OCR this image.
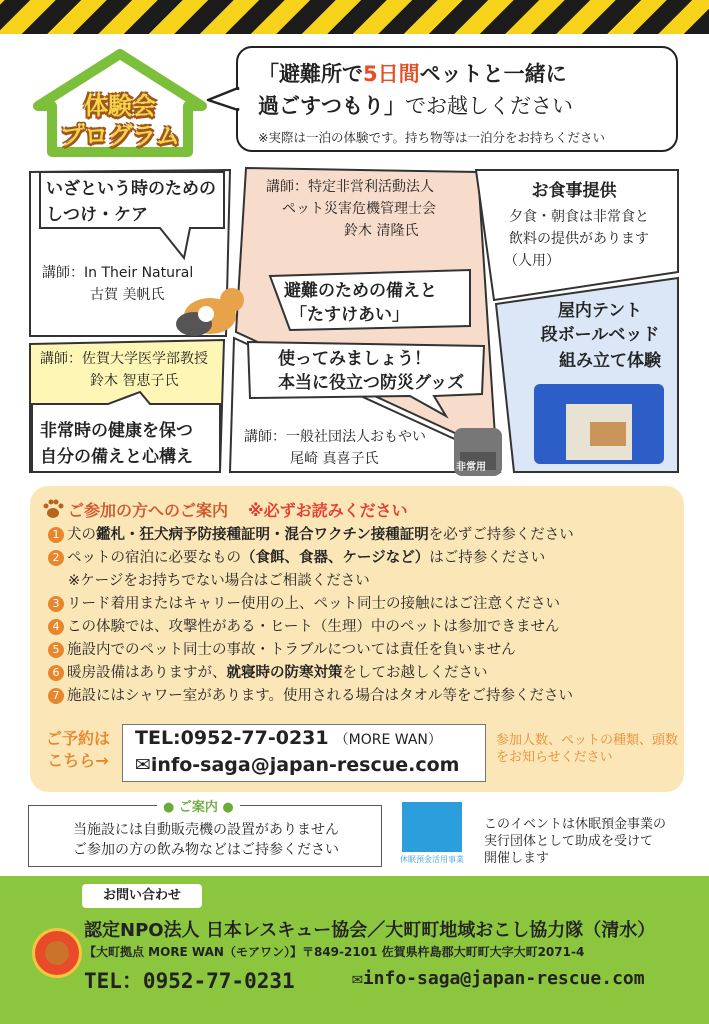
体験会
プログラム
「避難所で5日間ペットと一緒に
過ごすつもり」でお越しください
※実際は一泊の体験です。持ち物等は一泊分をお持ちください
いざという時のための
しつけ・ケア
講師：In Their Natural
古賀 美帆氏
講師：特定非営利活動法人
ペット災害危機管理士会
鈴木 清隆氏
避難のための備えと
「たすけあい」
お食事提供
夕食・朝食は非常食と
飲料の提供があります
（人用）
屋内テント
段ボールベッド
組み立て体験
講師：佐賀大学医学部教授
鈴木 智恵子氏
非常時の健康を保つ
自分の備えと心構え
使ってみましょう！
本当に役立つ防災グッズ
講師：一般社団法人おもやい
尾崎 真喜子氏
非常用
ご参加の方へのご案内 ※必ずお読みください
1 犬の鑑札・狂犬病予防接種証明・混合ワクチン接種証明を必ずご持参ください
2 ペットの宿泊に必要なもの（食餌、食器、ケージなど）はご持参ください
※ケージをお持ちでない場合はご相談ください
3 リード着用またはキャリー使用の上、ペット同士の接触にはご注意ください
4 この体験では、攻撃性がある・ヒート（生理）中のペットは参加できません
5 施設内でのペット同士の事故・トラブルについては責任を負いません
6 暖房設備はありますが、就寝時の防寒対策をしてお越しください
7 施設にはシャワー室があります。使用される場合はタオル等をご持参ください
ご予約は
こちら→
TEL:0952-77-0231 （MORE WAN）
✉info-saga@japan-rescue.com
参加人数、ペットの種類、頭数をお知らせください
● ご案内 ●
当施設には自動販売機の設置がありません
ご参加の方の飲み物などはご持参ください
休眠預金活用事業
このイベントは休眠預金事業の
実行団体として助成を受けて
開催します
お問い合わせ
認定NPO法人 日本レスキュー協会／大町町地域おこし協力隊（清水）
【大町拠点 MORE WAN（モアワン）】〒849-2101 佐賀県杵島郡大町町大字大町2071-4
TEL：0952-77-0231	✉info-saga@japan-rescue.com
